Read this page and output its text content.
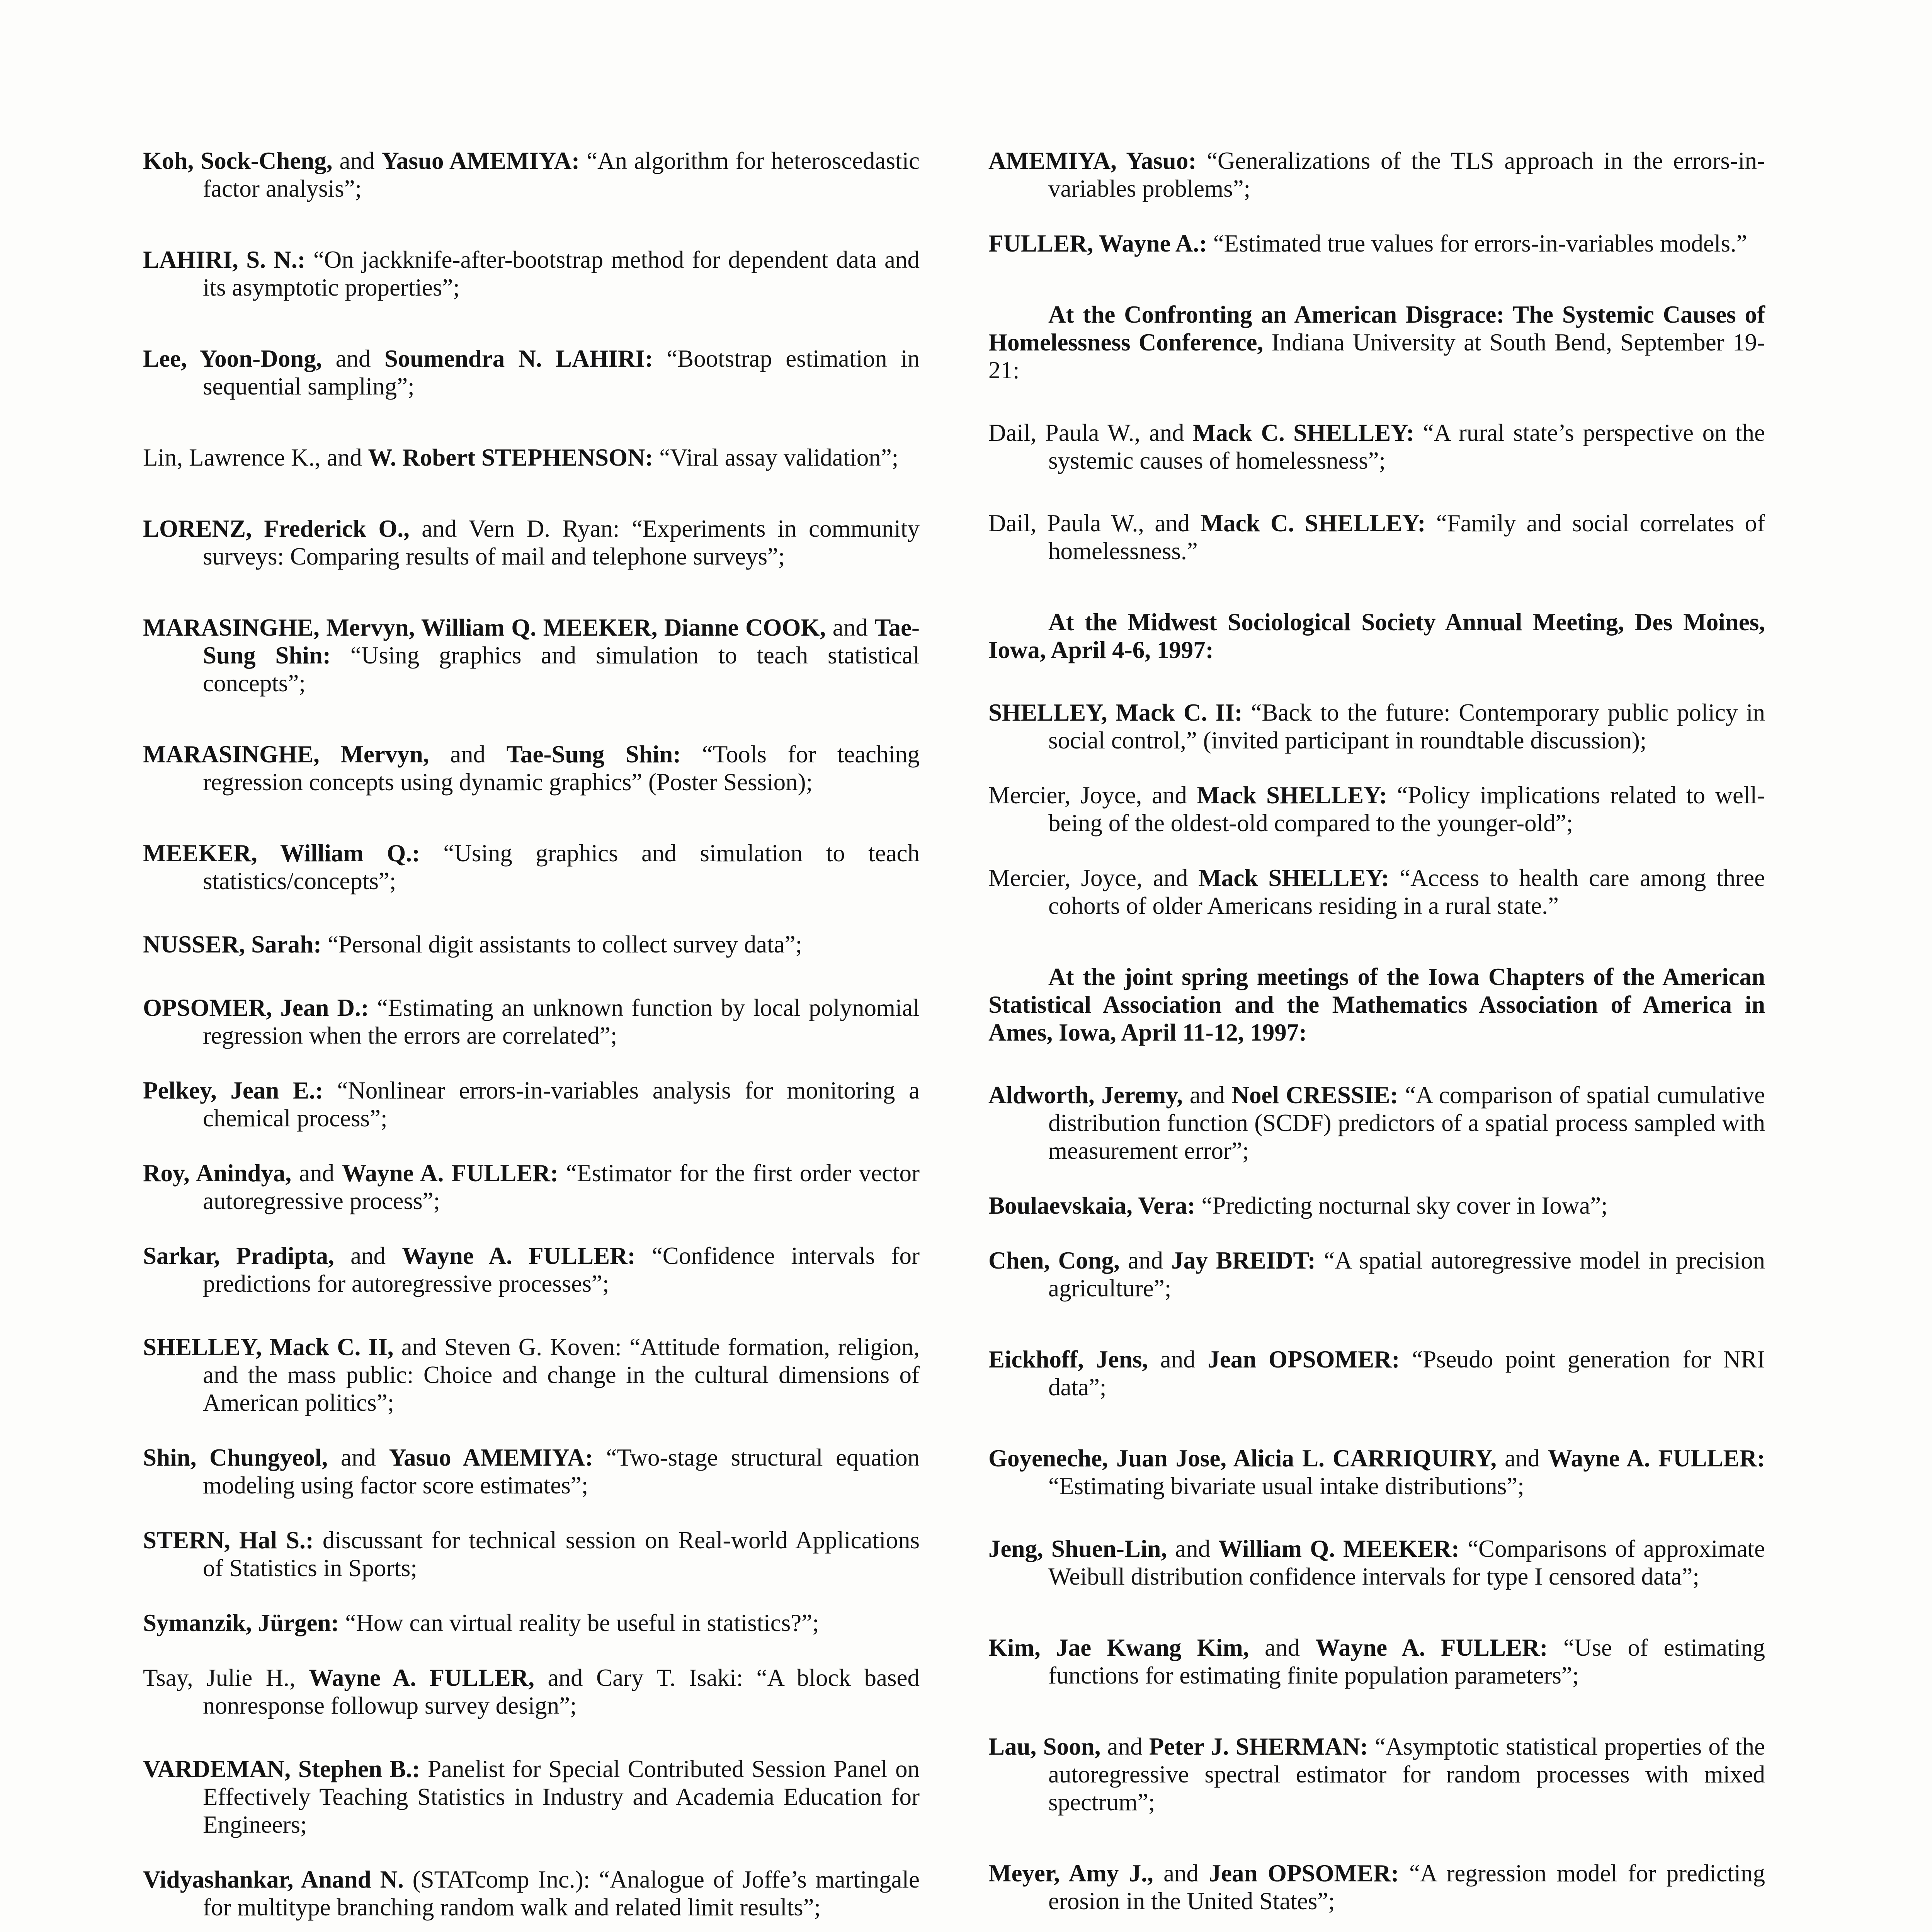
Koh, Sock-Cheng, and Yasuo AMEMIYA: “An algorithm for heteroscedastic factor analysis”;
LAHIRI, S. N.: “On jackknife-after-bootstrap method for dependent data and its asymptotic properties”;
Lee, Yoon-Dong, and Soumendra N. LAHIRI: “Bootstrap estimation in sequential sampling”;
Lin, Lawrence K., and W. Robert STEPHENSON: “Viral assay validation”;
LORENZ, Frederick O., and Vern D. Ryan: “Experiments in community surveys: Comparing results of mail and telephone surveys”;
MARASINGHE, Mervyn, William Q. MEEKER, Dianne COOK, and Tae-Sung Shin: “Using graphics and simulation to teach statistical concepts”;
MARASINGHE, Mervyn, and Tae-Sung Shin: “Tools for teaching regression concepts using dynamic graphics” (Poster Session);
MEEKER, William Q.: “Using graphics and simulation to teach statistics/concepts”;
NUSSER, Sarah: “Personal digit assistants to collect survey data”;
OPSOMER, Jean D.: “Estimating an unknown function by local polynomial regression when the errors are correlated”;
Pelkey, Jean E.: “Nonlinear errors-in-variables analysis for monitoring a chemical process”;
Roy, Anindya, and Wayne A. FULLER: “Estimator for the first order vector autoregressive process”;
Sarkar, Pradipta, and Wayne A. FULLER: “Confidence intervals for predictions for autoregressive processes”;
SHELLEY, Mack C. II, and Steven G. Koven: “Attitude formation, religion, and the mass public: Choice and change in the cultural dimensions of American politics”;
Shin, Chungyeol, and Yasuo AMEMIYA: “Two-stage structural equation modeling using factor score estimates”;
STERN, Hal S.: discussant for technical session on Real-world Applications of Statistics in Sports;
Symanzik, Jürgen: “How can virtual reality be useful in statistics?”;
Tsay, Julie H., Wayne A. FULLER, and Cary T. Isaki: “A block based nonresponse followup survey design”;
VARDEMAN, Stephen B.: Panelist for Special Contributed Session Panel on Effectively Teaching Statistics in Industry and Academia Education for Engineers;
Vidyashankar, Anand N. (STATcomp Inc.): “Analogue of Joffe’s martingale for multitype branching random walk and related limit results”;
AMEMIYA, Yasuo: “Generalizations of the TLS approach in the errors-in-variables problems”;
FULLER, Wayne A.: “Estimated true values for errors-in-variables models.”
At the Confronting an American Disgrace: The Systemic Causes of Homelessness Conference, Indiana University at South Bend, September 19-21:
Dail, Paula W., and Mack C. SHELLEY: “A rural state’s perspective on the systemic causes of homelessness”;
Dail, Paula W., and Mack C. SHELLEY: “Family and social correlates of homelessness.”
At the Midwest Sociological Society Annual Meeting, Des Moines, Iowa, April 4-6, 1997:
SHELLEY, Mack C. II: “Back to the future: Contemporary public policy in social control,” (invited participant in roundtable discussion);
Mercier, Joyce, and Mack SHELLEY: “Policy implications related to well-being of the oldest-old compared to the younger-old”;
Mercier, Joyce, and Mack SHELLEY: “Access to health care among three cohorts of older Americans residing in a rural state.”
At the joint spring meetings of the Iowa Chapters of the American Statistical Association and the Mathematics Association of America in Ames, Iowa, April 11-12, 1997:
Aldworth, Jeremy, and Noel CRESSIE: “A comparison of spatial cumulative distribution function (SCDF) predictors of a spatial process sampled with measurement error”;
Boulaevskaia, Vera: “Predicting nocturnal sky cover in Iowa”;
Chen, Cong, and Jay BREIDT: “A spatial autoregressive model in precision agriculture”;
Eickhoff, Jens, and Jean OPSOMER: “Pseudo point generation for NRI data”;
Goyeneche, Juan Jose, Alicia L. CARRIQUIRY, and Wayne A. FULLER: “Estimating bivariate usual intake distributions”;
Jeng, Shuen-Lin, and William Q. MEEKER: “Comparisons of approximate Weibull distribution confidence intervals for type I censored data”;
Kim, Jae Kwang Kim, and Wayne A. FULLER: “Use of estimating functions for estimating finite population parameters”;
Lau, Soon, and Peter J. SHERMAN: “Asymptotic statistical properties of the autoregressive spectral estimator for random processes with mixed spectrum”;
Meyer, Amy J., and Jean OPSOMER: “A regression model for predicting erosion in the United States”;
